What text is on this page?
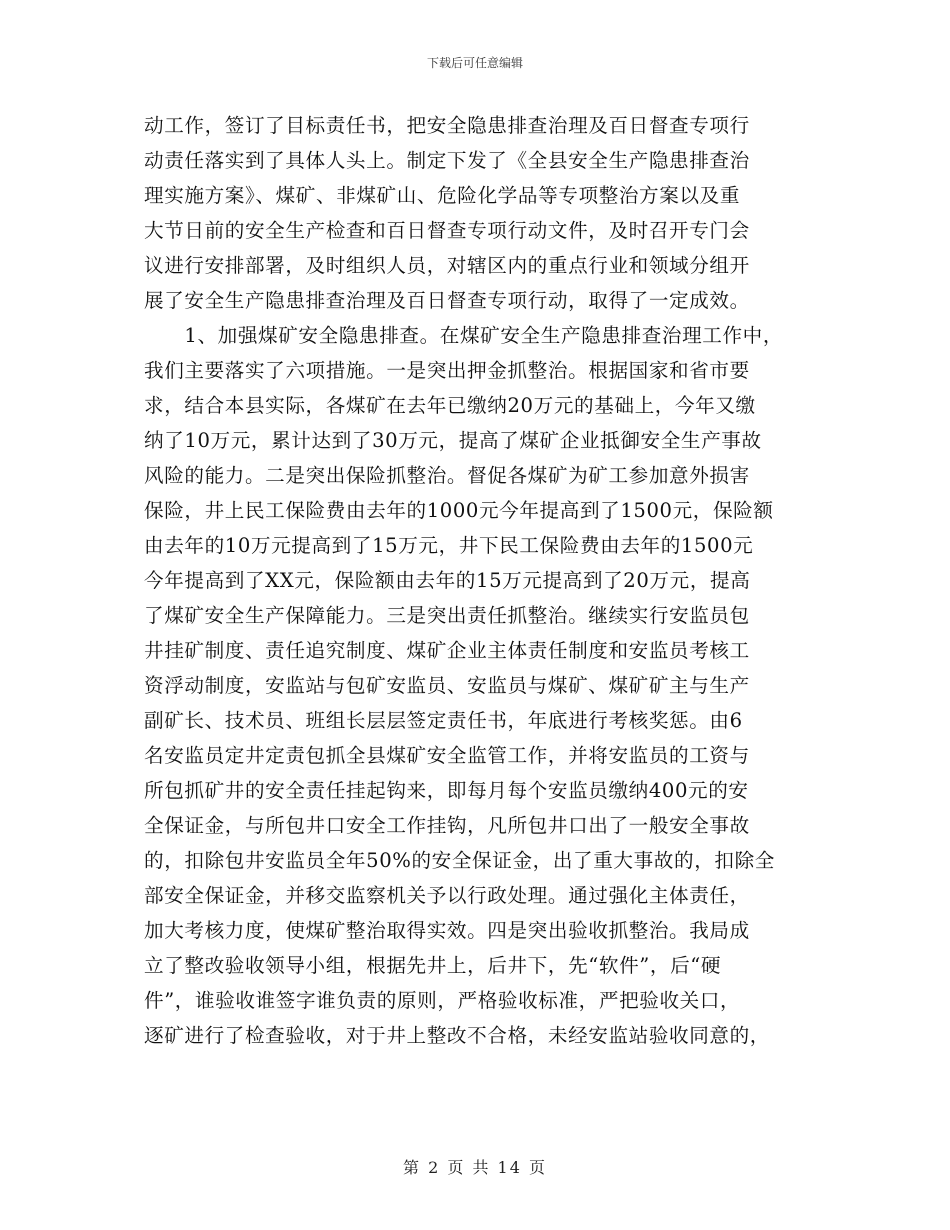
下载后可任意编辑
动工作，签订了目标责任书，把安全隐患排查治理及百日督查专项行
动责任落实到了具体人头上。制定下发了《全县安全生产隐患排查治
理实施方案》、煤矿、非煤矿山、危险化学品等专项整治方案以及重
大节日前的安全生产检查和百日督查专项行动文件，及时召开专门会
议进行安排部署，及时组织人员，对辖区内的重点行业和领域分组开
展了安全生产隐患排查治理及百日督查专项行动，取得了一定成效。
　　1、加强煤矿安全隐患排查。在煤矿安全生产隐患排查治理工作中，
我们主要落实了六项措施。一是突出押金抓整治。根据国家和省市要
求，结合本县实际，各煤矿在去年已缴纳20万元的基础上，今年又缴
纳了10万元，累计达到了30万元，提高了煤矿企业抵御安全生产事故
风险的能力。二是突出保险抓整治。督促各煤矿为矿工参加意外损害
保险，井上民工保险费由去年的1000元今年提高到了1500元，保险额
由去年的10万元提高到了15万元，井下民工保险费由去年的1500元
今年提高到了XX元，保险额由去年的15万元提高到了20万元，提高
了煤矿安全生产保障能力。三是突出责任抓整治。继续实行安监员包
井挂矿制度、责任追究制度、煤矿企业主体责任制度和安监员考核工
资浮动制度，安监站与包矿安监员、安监员与煤矿、煤矿矿主与生产
副矿长、技术员、班组长层层签定责任书，年底进行考核奖惩。由6
名安监员定井定责包抓全县煤矿安全监管工作，并将安监员的工资与
所包抓矿井的安全责任挂起钩来，即每月每个安监员缴纳400元的安
全保证金，与所包井口安全工作挂钩，凡所包井口出了一般安全事故
的，扣除包井安监员全年50%的安全保证金，出了重大事故的，扣除全
部安全保证金，并移交监察机关予以行政处理。通过强化主体责任，
加大考核力度，使煤矿整治取得实效。四是突出验收抓整治。我局成
立了整改验收领导小组，根据先井上，后井下，先“软件”，后“硬
件”，谁验收谁签字谁负责的原则，严格验收标准，严把验收关口，
逐矿进行了检查验收，对于井上整改不合格，未经安监站验收同意的，
第 2 页 共 14 页
